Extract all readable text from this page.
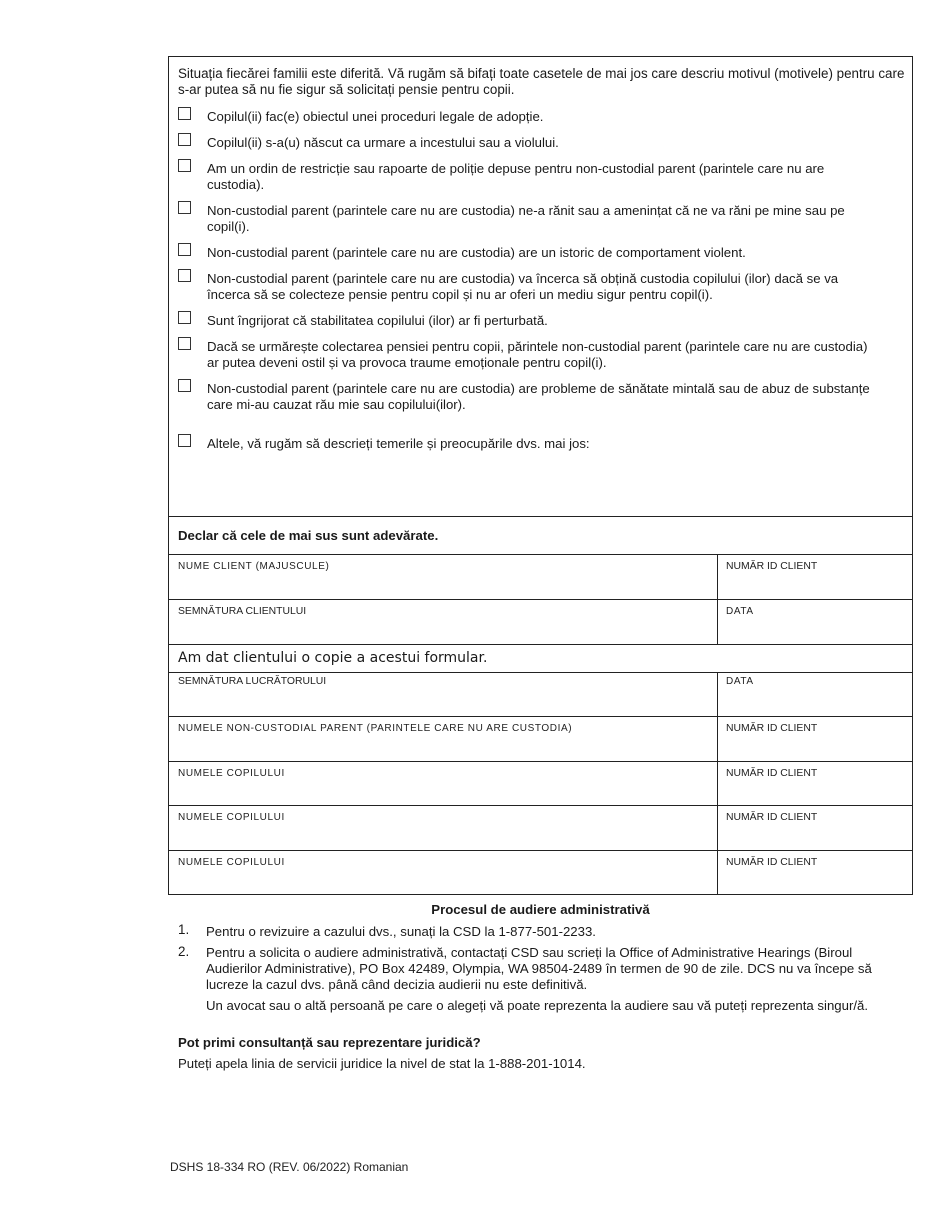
Situația fiecărei familii este diferită. Vă rugăm să bifați toate casetele de mai jos care descriu motivul (motivele) pentru care s-ar putea să nu fie sigur să solicitați pensie pentru copii.
Copilul(ii) fac(e) obiectul unei proceduri legale de adopție.
Copilul(ii) s-a(u) născut ca urmare a incestului sau a violului.
Am un ordin de restricție sau rapoarte de poliție depuse pentru non-custodial parent (parintele care nu are custodia).
Non-custodial parent (parintele care nu are custodia) ne-a rănit sau a amenințat că ne va răni pe mine sau pe copil(i).
Non-custodial parent (parintele care nu are custodia) are un istoric de comportament violent.
Non-custodial parent (parintele care nu are custodia) va încerca să obțină custodia copilului (ilor) dacă se va încerca să se colecteze pensie pentru copil și nu ar oferi un mediu sigur pentru copil(i).
Sunt îngrijorat că stabilitatea copilului (ilor) ar fi perturbată.
Dacă se urmărește colectarea pensiei pentru copii, părintele non-custodial parent (parintele care nu are custodia) ar putea deveni ostil și va provoca traume emoționale pentru copil(i).
Non-custodial parent (parintele care nu are custodia) are probleme de sănătate mintală sau de abuz de substanțe care mi-au cauzat rău mie sau copilului(ilor).
Altele, vă rugăm să descrieți temerile și preocupările dvs. mai jos:
Declar că cele de mai sus sunt adevărate.
NUME CLIENT (MAJUSCULE)	NUMĂR ID CLIENT
SEMNĂTURA CLIENTULUI	DATA
Am dat clientului o copie a acestui formular.
SEMNĂTURA LUCRĂTORULUI	DATA
NUMELE NON-CUSTODIAL PARENT (PARINTELE CARE NU ARE CUSTODIA)	NUMĂR ID CLIENT
NUMELE COPILULUI	NUMĂR ID CLIENT
NUMELE COPILULUI	NUMĂR ID CLIENT
NUMELE COPILULUI	NUMĂR ID CLIENT
Procesul de audiere administrativă
1. Pentru o revizuire a cazului dvs., sunați la CSD la 1-877-501-2233.
2. Pentru a solicita o audiere administrativă, contactați CSD sau scrieți la Office of Administrative Hearings (Biroul Audierilor Administrative), PO Box 42489, Olympia, WA 98504-2489 în termen de 90 de zile. DCS nu va începe să lucreze la cazul dvs. până când decizia audierii nu este definitivă.
Un avocat sau o altă persoană pe care o alegeți vă poate reprezenta la audiere sau vă puteți reprezenta singur/ă.
Pot primi consultanță sau reprezentare juridică?
Puteți apela linia de servicii juridice la nivel de stat la 1-888-201-1014.
DSHS 18-334 RO (REV. 06/2022) Romanian
